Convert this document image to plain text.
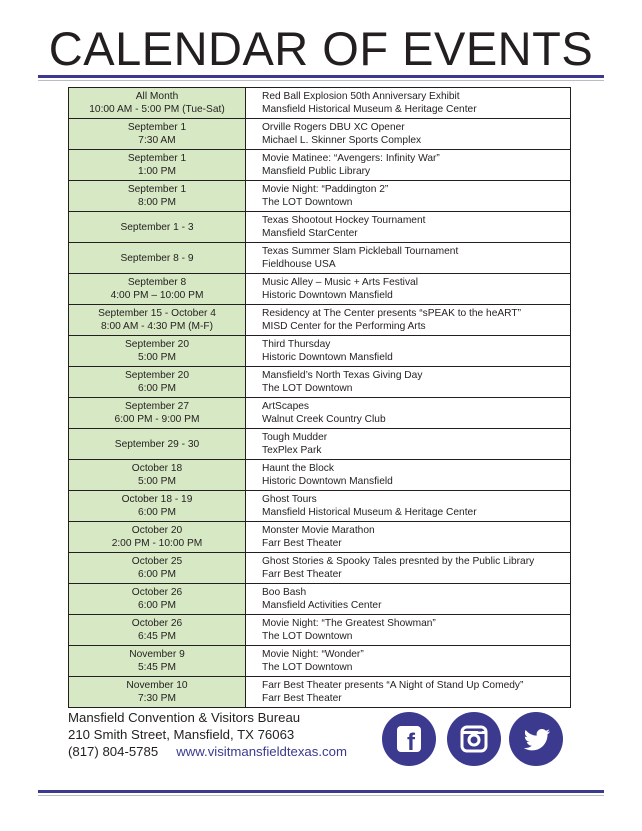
CALENDAR OF EVENTS
All Month
10:00 AM - 5:00 PM (Tue-Sat)	Red Ball Explosion 50th Anniversary Exhibit
Mansfield Historical Museum & Heritage Center

September 1
7:30 AM	Orville Rogers DBU XC Opener
Michael L. Skinner Sports Complex

September 1
1:00 PM	Movie Matinee: “Avengers: Infinity War”
Mansfield Public Library

September 1
8:00 PM	Movie Night: “Paddington 2”
The LOT Downtown

September 1 - 3	Texas Shootout Hockey Tournament
Mansfield StarCenter

September 8 - 9	Texas Summer Slam Pickleball Tournament
Fieldhouse USA

September 8
4:00 PM – 10:00 PM	Music Alley – Music + Arts Festival
Historic Downtown Mansfield

September 15 - October 4
8:00 AM - 4:30 PM (M-F)	Residency at The Center presents “sPEAK to the heART”
MISD Center for the Performing Arts

September 20
5:00 PM	Third Thursday
Historic Downtown Mansfield

September 20
6:00 PM	Mansfield’s North Texas Giving Day
The LOT Downtown

September 27
6:00 PM - 9:00 PM	ArtScapes
Walnut Creek Country Club

September 29 - 30	Tough Mudder
TexPlex Park

October 18
5:00 PM	Haunt the Block
Historic Downtown Mansfield

October 18 - 19
6:00 PM	Ghost Tours
Mansfield Historical Museum & Heritage Center

October 20
2:00 PM - 10:00 PM	Monster Movie Marathon
Farr Best Theater

October 25
6:00 PM	Ghost Stories & Spooky Tales presnted by the Public Library
Farr Best Theater

October 26
6:00 PM	Boo Bash
Mansfield Activities Center

October 26
6:45 PM	Movie Night: “The Greatest Showman”
The LOT Downtown

November 9
5:45 PM	Movie Night: “Wonder”
The LOT Downtown

November 10
7:30 PM	Farr Best Theater presents “A Night of Stand Up Comedy”
Farr Best Theater
Mansfield Convention & Visitors Bureau
210 Smith Street, Mansfield, TX 76063
(817) 804-5785 www.visitmansfieldtexas.com	f
